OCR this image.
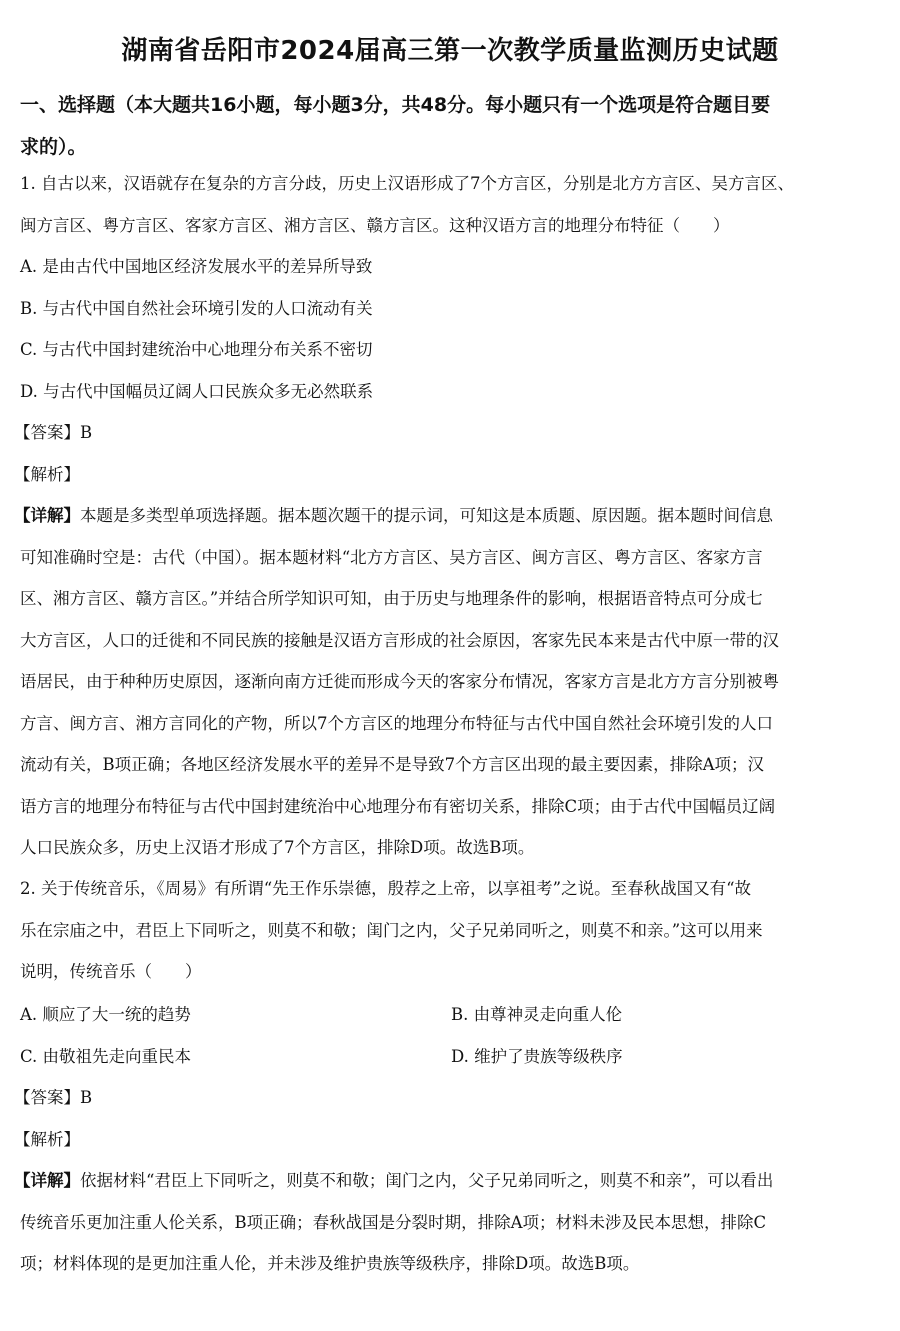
湖南省岳阳市2024届高三第一次教学质量监测历史试题
一、选择题（本大题共16小题，每小题3分，共48分。每小题只有一个选项是符合题目要
求的）。
1. 自古以来，汉语就存在复杂的方言分歧，历史上汉语形成了7个方言区，分别是北方方言区、吴方言区、
闽方言区、粤方言区、客家方言区、湘方言区、赣方言区。这种汉语方言的地理分布特征（　　）
A. 是由古代中国地区经济发展水平的差异所导致
B. 与古代中国自然社会环境引发的人口流动有关
C. 与古代中国封建统治中心地理分布关系不密切
D. 与古代中国幅员辽阔人口民族众多无必然联系
【答案】B
【解析】
【详解】本题是多类型单项选择题。据本题次题干的提示词，可知这是本质题、原因题。据本题时间信息
可知准确时空是：古代（中国）。据本题材料“北方方言区、吴方言区、闽方言区、粤方言区、客家方言
区、湘方言区、赣方言区。”并结合所学知识可知，由于历史与地理条件的影响，根据语音特点可分成七
大方言区，人口的迁徙和不同民族的接触是汉语方言形成的社会原因，客家先民本来是古代中原一带的汉
语居民，由于种种历史原因，逐渐向南方迁徙而形成今天的客家分布情况，客家方言是北方方言分别被粤
方言、闽方言、湘方言同化的产物，所以7个方言区的地理分布特征与古代中国自然社会环境引发的人口
流动有关，B项正确；各地区经济发展水平的差异不是导致7个方言区出现的最主要因素，排除A项；汉
语方言的地理分布特征与古代中国封建统治中心地理分布有密切关系，排除C项；由于古代中国幅员辽阔
人口民族众多，历史上汉语才形成了7个方言区，排除D项。故选B项。
2. 关于传统音乐，《周易》有所谓“先王作乐崇德，殷荐之上帝，以享祖考”之说。至春秋战国又有“故
乐在宗庙之中，君臣上下同听之，则莫不和敬；闺门之内，父子兄弟同听之，则莫不和亲。”这可以用来
说明，传统音乐（　　）
A. 顺应了大一统的趋势	B. 由尊神灵走向重人伦
C. 由敬祖先走向重民本	D. 维护了贵族等级秩序
【答案】B
【解析】
【详解】依据材料“君臣上下同听之，则莫不和敬；闺门之内，父子兄弟同听之，则莫不和亲”，可以看出
传统音乐更加注重人伦关系，B项正确；春秋战国是分裂时期，排除A项；材料未涉及民本思想，排除C
项；材料体现的是更加注重人伦，并未涉及维护贵族等级秩序，排除D项。故选B项。
